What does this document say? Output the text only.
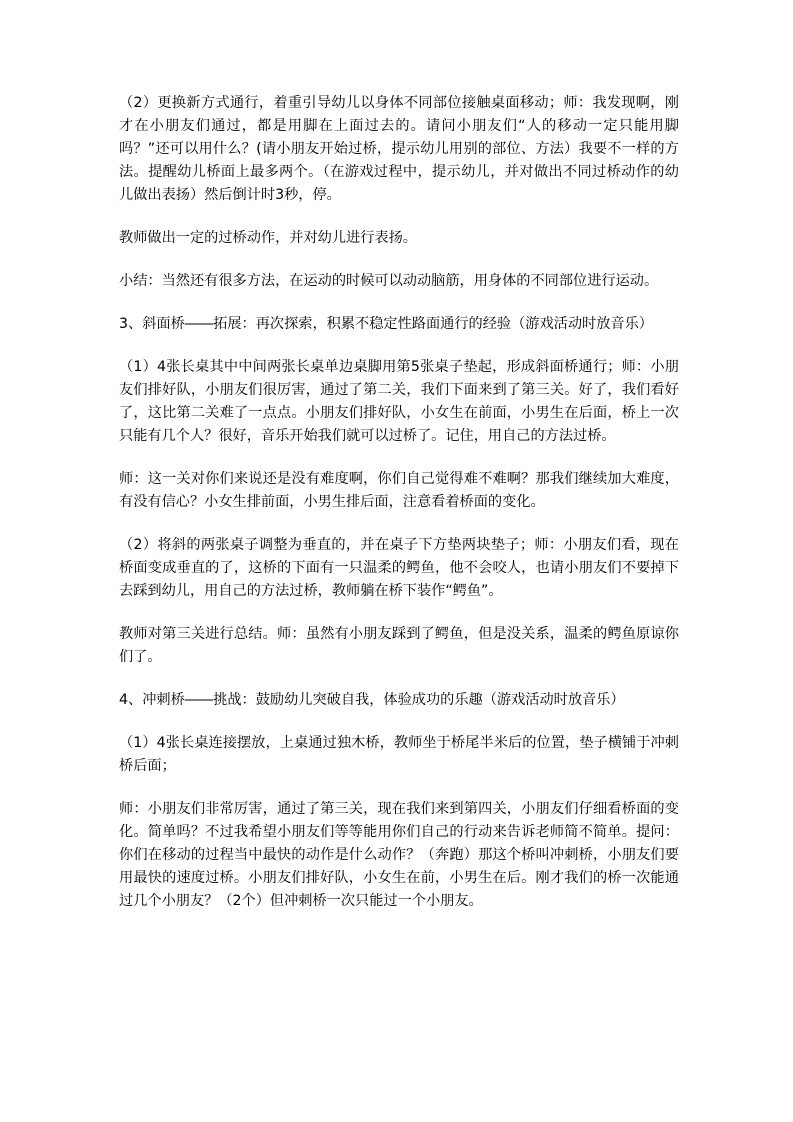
（2）更换新方式通行，着重引导幼儿以身体不同部位接触桌面移动；师：我发现啊，刚才在小朋友们通过，都是用脚在上面过去的。请问小朋友们“人的移动一定只能用脚吗？”还可以用什么？(请小朋友开始过桥，提示幼儿用别的部位、方法）我要不一样的方法。提醒幼儿桥面上最多两个。（在游戏过程中，提示幼儿，并对做出不同过桥动作的幼儿做出表扬）然后倒计时3秒，停。

教师做出一定的过桥动作，并对幼儿进行表扬。

小结：当然还有很多方法，在运动的时候可以动动脑筋，用身体的不同部位进行运动。

3、斜面桥――拓展：再次探索，积累不稳定性路面通行的经验（游戏活动时放音乐）

（1）4张长桌其中中间两张长桌单边桌脚用第5张桌子垫起，形成斜面桥通行；师：小朋友们排好队，小朋友们很厉害，通过了第二关，我们下面来到了第三关。好了，我们看好了，这比第二关难了一点点。小朋友们排好队，小女生在前面，小男生在后面，桥上一次只能有几个人？很好，音乐开始我们就可以过桥了。记住，用自己的方法过桥。

师：这一关对你们来说还是没有难度啊，你们自己觉得难不难啊？那我们继续加大难度，有没有信心？小女生排前面，小男生排后面，注意看着桥面的变化。

（2）将斜的两张桌子调整为垂直的，并在桌子下方垫两块垫子；师：小朋友们看，现在桥面变成垂直的了，这桥的下面有一只温柔的鳄鱼，他不会咬人，也请小朋友们不要掉下去踩到幼儿，用自己的方法过桥，教师躺在桥下装作“鳄鱼”。

教师对第三关进行总结。师：虽然有小朋友踩到了鳄鱼，但是没关系，温柔的鳄鱼原谅你们了。

4、冲刺桥――挑战：鼓励幼儿突破自我，体验成功的乐趣（游戏活动时放音乐）

（1）4张长桌连接摆放，上桌通过独木桥，教师坐于桥尾半米后的位置，垫子横铺于冲刺桥后面；

师：小朋友们非常厉害，通过了第三关，现在我们来到第四关，小朋友们仔细看桥面的变化。简单吗？不过我希望小朋友们等等能用你们自己的行动来告诉老师简不简单。提问：你们在移动的过程当中最快的动作是什么动作？（奔跑）那这个桥叫冲刺桥，小朋友们要用最快的速度过桥。小朋友们排好队，小女生在前，小男生在后。刚才我们的桥一次能通过几个小朋友？（2个）但冲刺桥一次只能过一个小朋友。
